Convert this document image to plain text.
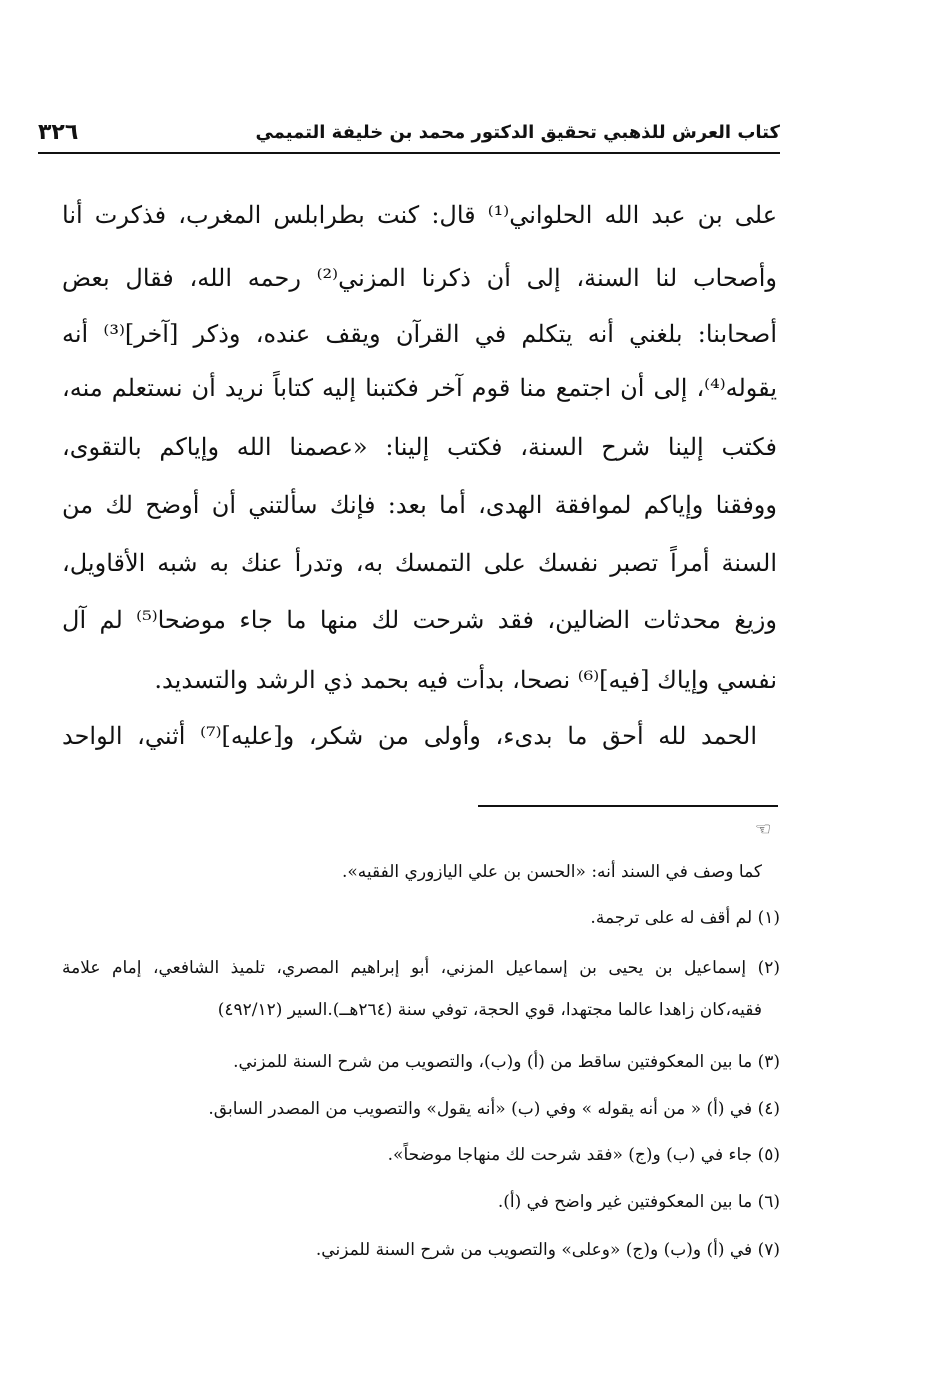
٣٢٦	كتاب العرش للذهبي تحقيق الدكتور محمد بن خليفة التميمي
على بن عبد الله الحلواني⁽¹⁾ قال: كنت بطرابلس المغرب، فذكرت أنا
وأصحاب لنا السنة، إلى أن ذكرنا المزني⁽²⁾ رحمه الله، فقال بعض
أصحابنا: بلغني أنه يتكلم في القرآن ويقف عنده، وذكر [آخر]⁽³⁾ أنه
يقوله⁽⁴⁾، إلى أن اجتمع منا قوم آخر فكتبنا إليه كتاباً نريد أن نستعلم منه،
فكتب إلينا شرح السنة، فكتب إلينا: «عصمنا الله وإياكم بالتقوى،
ووفقنا وإياكم لموافقة الهدى، أما بعد: فإنك سألتني أن أوضح لك من
السنة أمراً تصبر نفسك على التمسك به، وتدرأ عنك به شبه الأقاويل،
وزيغ محدثات الضالين، فقد شرحت لك منها ما جاء موضحا⁽⁵⁾ لم آل
نفسي وإياك [فيه]⁽⁶⁾ نصحا، بدأت فيه بحمد ذي الرشد والتسديد.
الحمد لله أحق ما بدىء، وأولى من شكر، و[عليه]⁽⁷⁾ أثني، الواحد
☜
كما وصف في السند أنه: «الحسن بن علي اليازوري الفقيه».
(١) لم أقف له على ترجمة.
(٢) إسماعيل بن يحيى بن إسماعيل المزني، أبو إبراهيم المصري، تلميذ الشافعي، إمام علامة
فقيه،كان زاهدا عالما مجتهدا، قوي الحجة، توفي سنة (٢٦٤هــ).السير (٤٩٢/١٢)
(٣) ما بين المعكوفتين ساقط من (أ) و(ب)، والتصويب من شرح السنة للمزني.
(٤) في (أ) « من أنه يقوله » وفي (ب) «أنه يقول» والتصويب من المصدر السابق.
(٥) جاء في (ب) و(ج) «فقد شرحت لك منهاجا موضحاً».
(٦) ما بين المعكوفتين غير واضح في (أ).
(٧) في (أ) و(ب) و(ج) «وعلى» والتصويب من شرح السنة للمزني.
